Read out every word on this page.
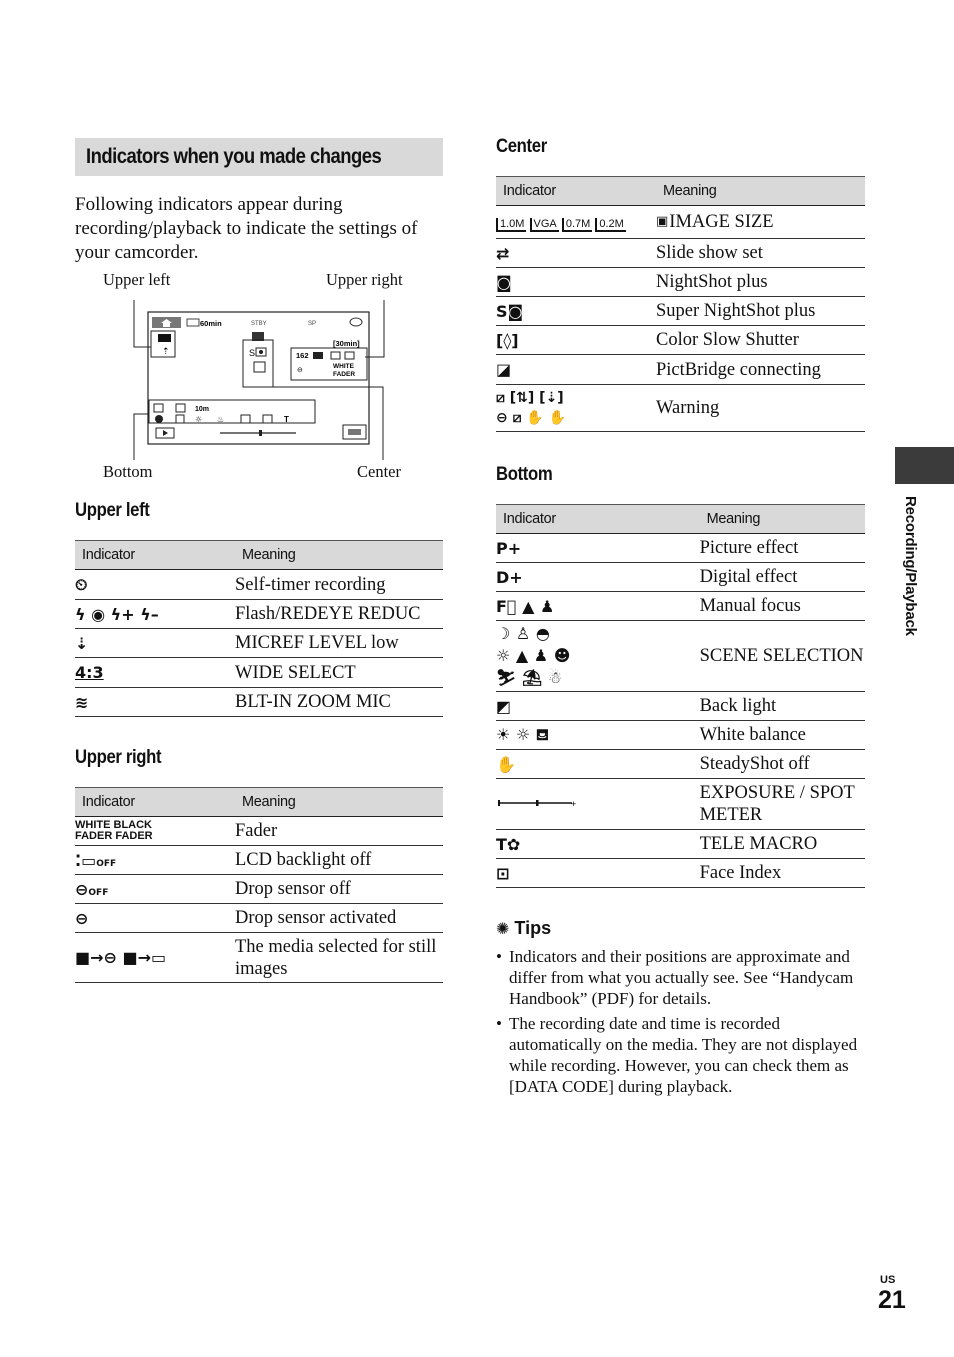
Indicators when you made changes
Following indicators appear during recording/playback to indicate the settings of your camcorder.
Upper left	Upper right
Bottom	Center
60min	STBY	SP
⇡	S
[30min]
162
⊖	WHITE
FADER
10m
☼ ♨	T
Upper left
Indicator	Meaning
⏲	Self-timer recording
ϟ ◉ ϟ+ ϟ–	Flash/REDEYE REDUC
⇣	MICREF LEVEL low
4:3	WIDE SELECT
≋	BLT-IN ZOOM MIC
Upper right
Indicator	Meaning

WHITE BLACK
FADER FADER	Fader
⁚▭OFF	LCD backlight off
⊖OFF	Drop sensor off
⊖	Drop sensor activated
■→⊖ ■→▭	The media selected for still images
Center
Indicator	Meaning
1.0M VGA 0.7M 0.2M	▣IMAGE SIZE
⇄	Slide show set
◙	NightShot plus
S◙	Super NightShot plus
[◊]	Color Slow Shutter
◪	PictBridge connecting
⧄ [⇅] [⇣]
⊖ ⧄ ✋ ✋	Warning
Bottom
Indicator	Meaning
P+	Picture effect
D+	Digital effect
F⃞ ▲ ♟	Manual focus
☽ ♙ ◓
☼ ▲ ♟ ☻
⛷ ⛱ ☃	SCENE SELECTION
◩	Back light
☀ ☼ ⛾	White balance
✋	SteadyShot off

+	EXPOSURE / SPOT METER
T✿	TELE MACRO
⊡	Face Index
✺ Tips
• Indicators and their positions are approximate and differ from what you actually see. See “Handycam Handbook” (PDF) for details.
• The recording date and time is recorded automatically on the media. They are not displayed while recording. However, you can check them as [DATA CODE] during playback.
Recording/Playback
US
21
